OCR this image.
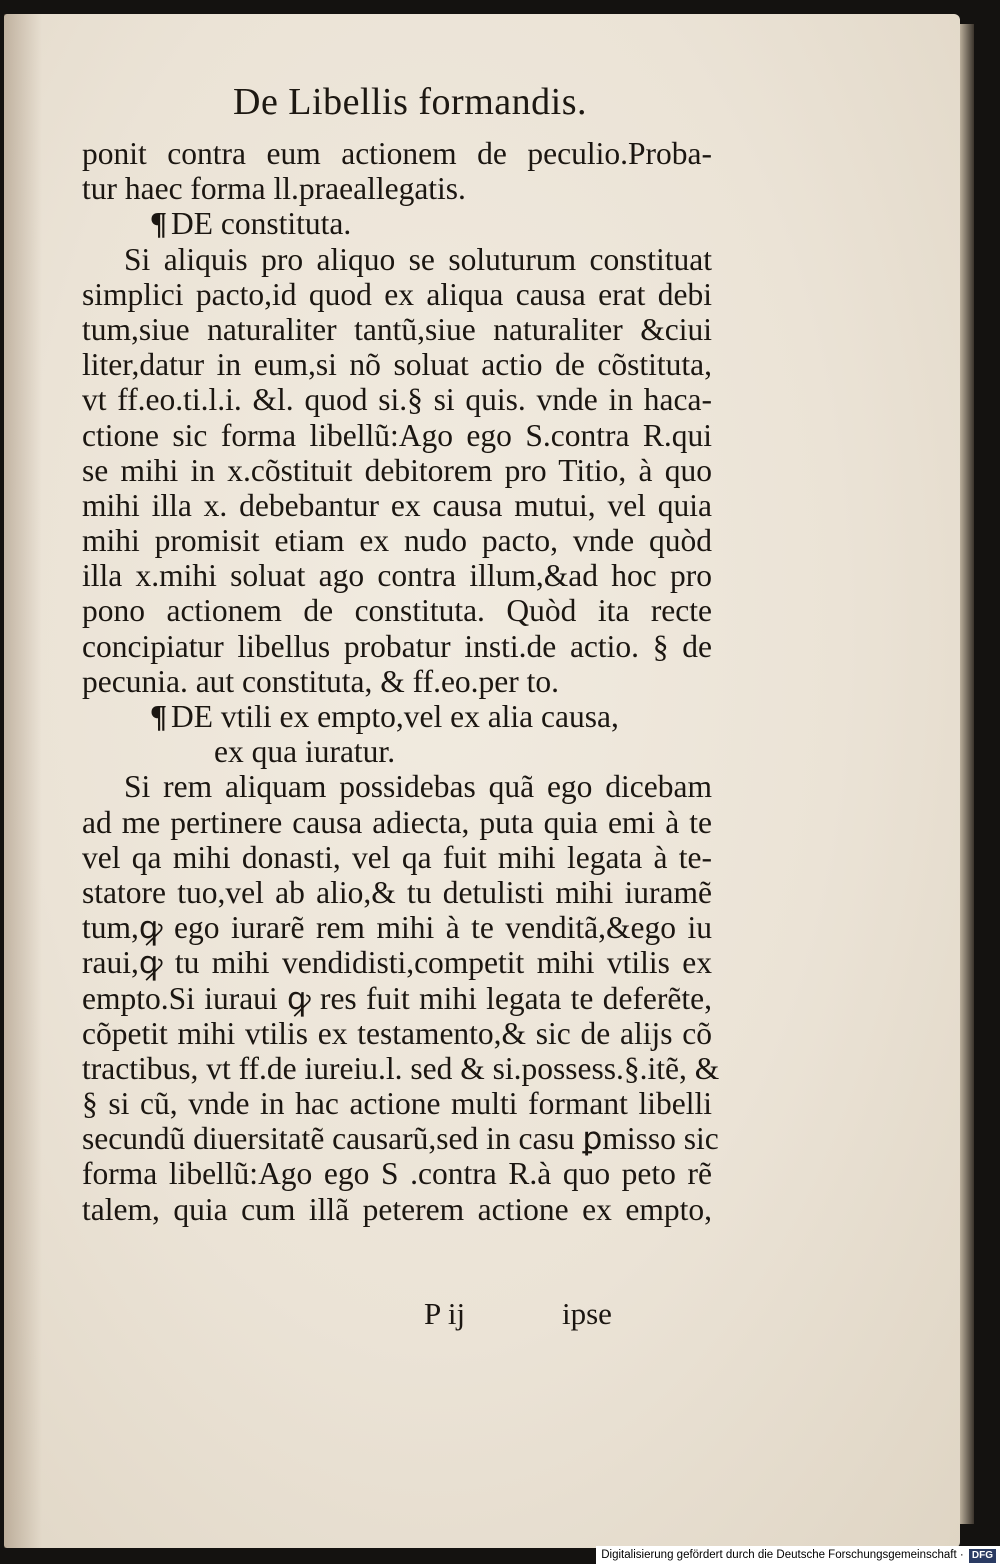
De Libellis formandis.
ponit contra eum actionem de peculio.Proba-
tur haec forma ll.praeallegatis.
¶ DE constituta.
Si aliquis pro aliquo se soluturum constituat
simplici pacto,id quod ex aliqua causa erat debi
tum,siue naturaliter tantũ,siue naturaliter &ciui
liter,datur in eum,si nõ soluat actio de cõstituta,
vt ff.eo.ti.l.i. &l. quod si.§ si quis. vnde in haca-
ctione sic forma libellũ:Ago ego S.contra R.qui
se mihi in x.cõstituit debitorem pro Titio, à quo
mihi illa x. debebantur ex causa mutui, vel quia
mihi promisit etiam ex nudo pacto, vnde quòd
illa x.mihi soluat ago contra illum,&ad hoc pro
pono actionem de constituta. Quòd ita recte
concipiatur libellus probatur insti.de actio. § de
pecunia. aut constituta, & ff.eo.per to.
¶ DE vtili ex empto,vel ex alia causa,
ex qua iuratur.
Si rem aliquam possidebas quã ego dicebam
ad me pertinere causa adiecta, puta quia emi à te
vel qa mihi donasti, vel qa fuit mihi legata à te-
statore tuo,vel ab alio,& tu detulisti mihi iuramẽ
tum,ꝙ ego iurarẽ rem mihi à te venditã,&ego iu
raui,ꝙ tu mihi vendidisti,competit mihi vtilis ex
empto.Si iuraui ꝙ res fuit mihi legata te deferẽte,
cõpetit mihi vtilis ex testamento,& sic de alijs cõ
tractibus, vt ff.de iureiu.l. sed & si.possess.§.itẽ, &
§ si cũ, vnde in hac actione multi formant libelli
secundũ diuersitatẽ causarũ,sed in casu ꝑmisso sic
forma libellũ:Ago ego S .contra R.à quo peto rẽ
talem, quia cum illã peterem actione ex empto,
P ij	ipse
Digitalisierung gefördert durch die Deutsche Forschungsgemeinschaft · DFG
